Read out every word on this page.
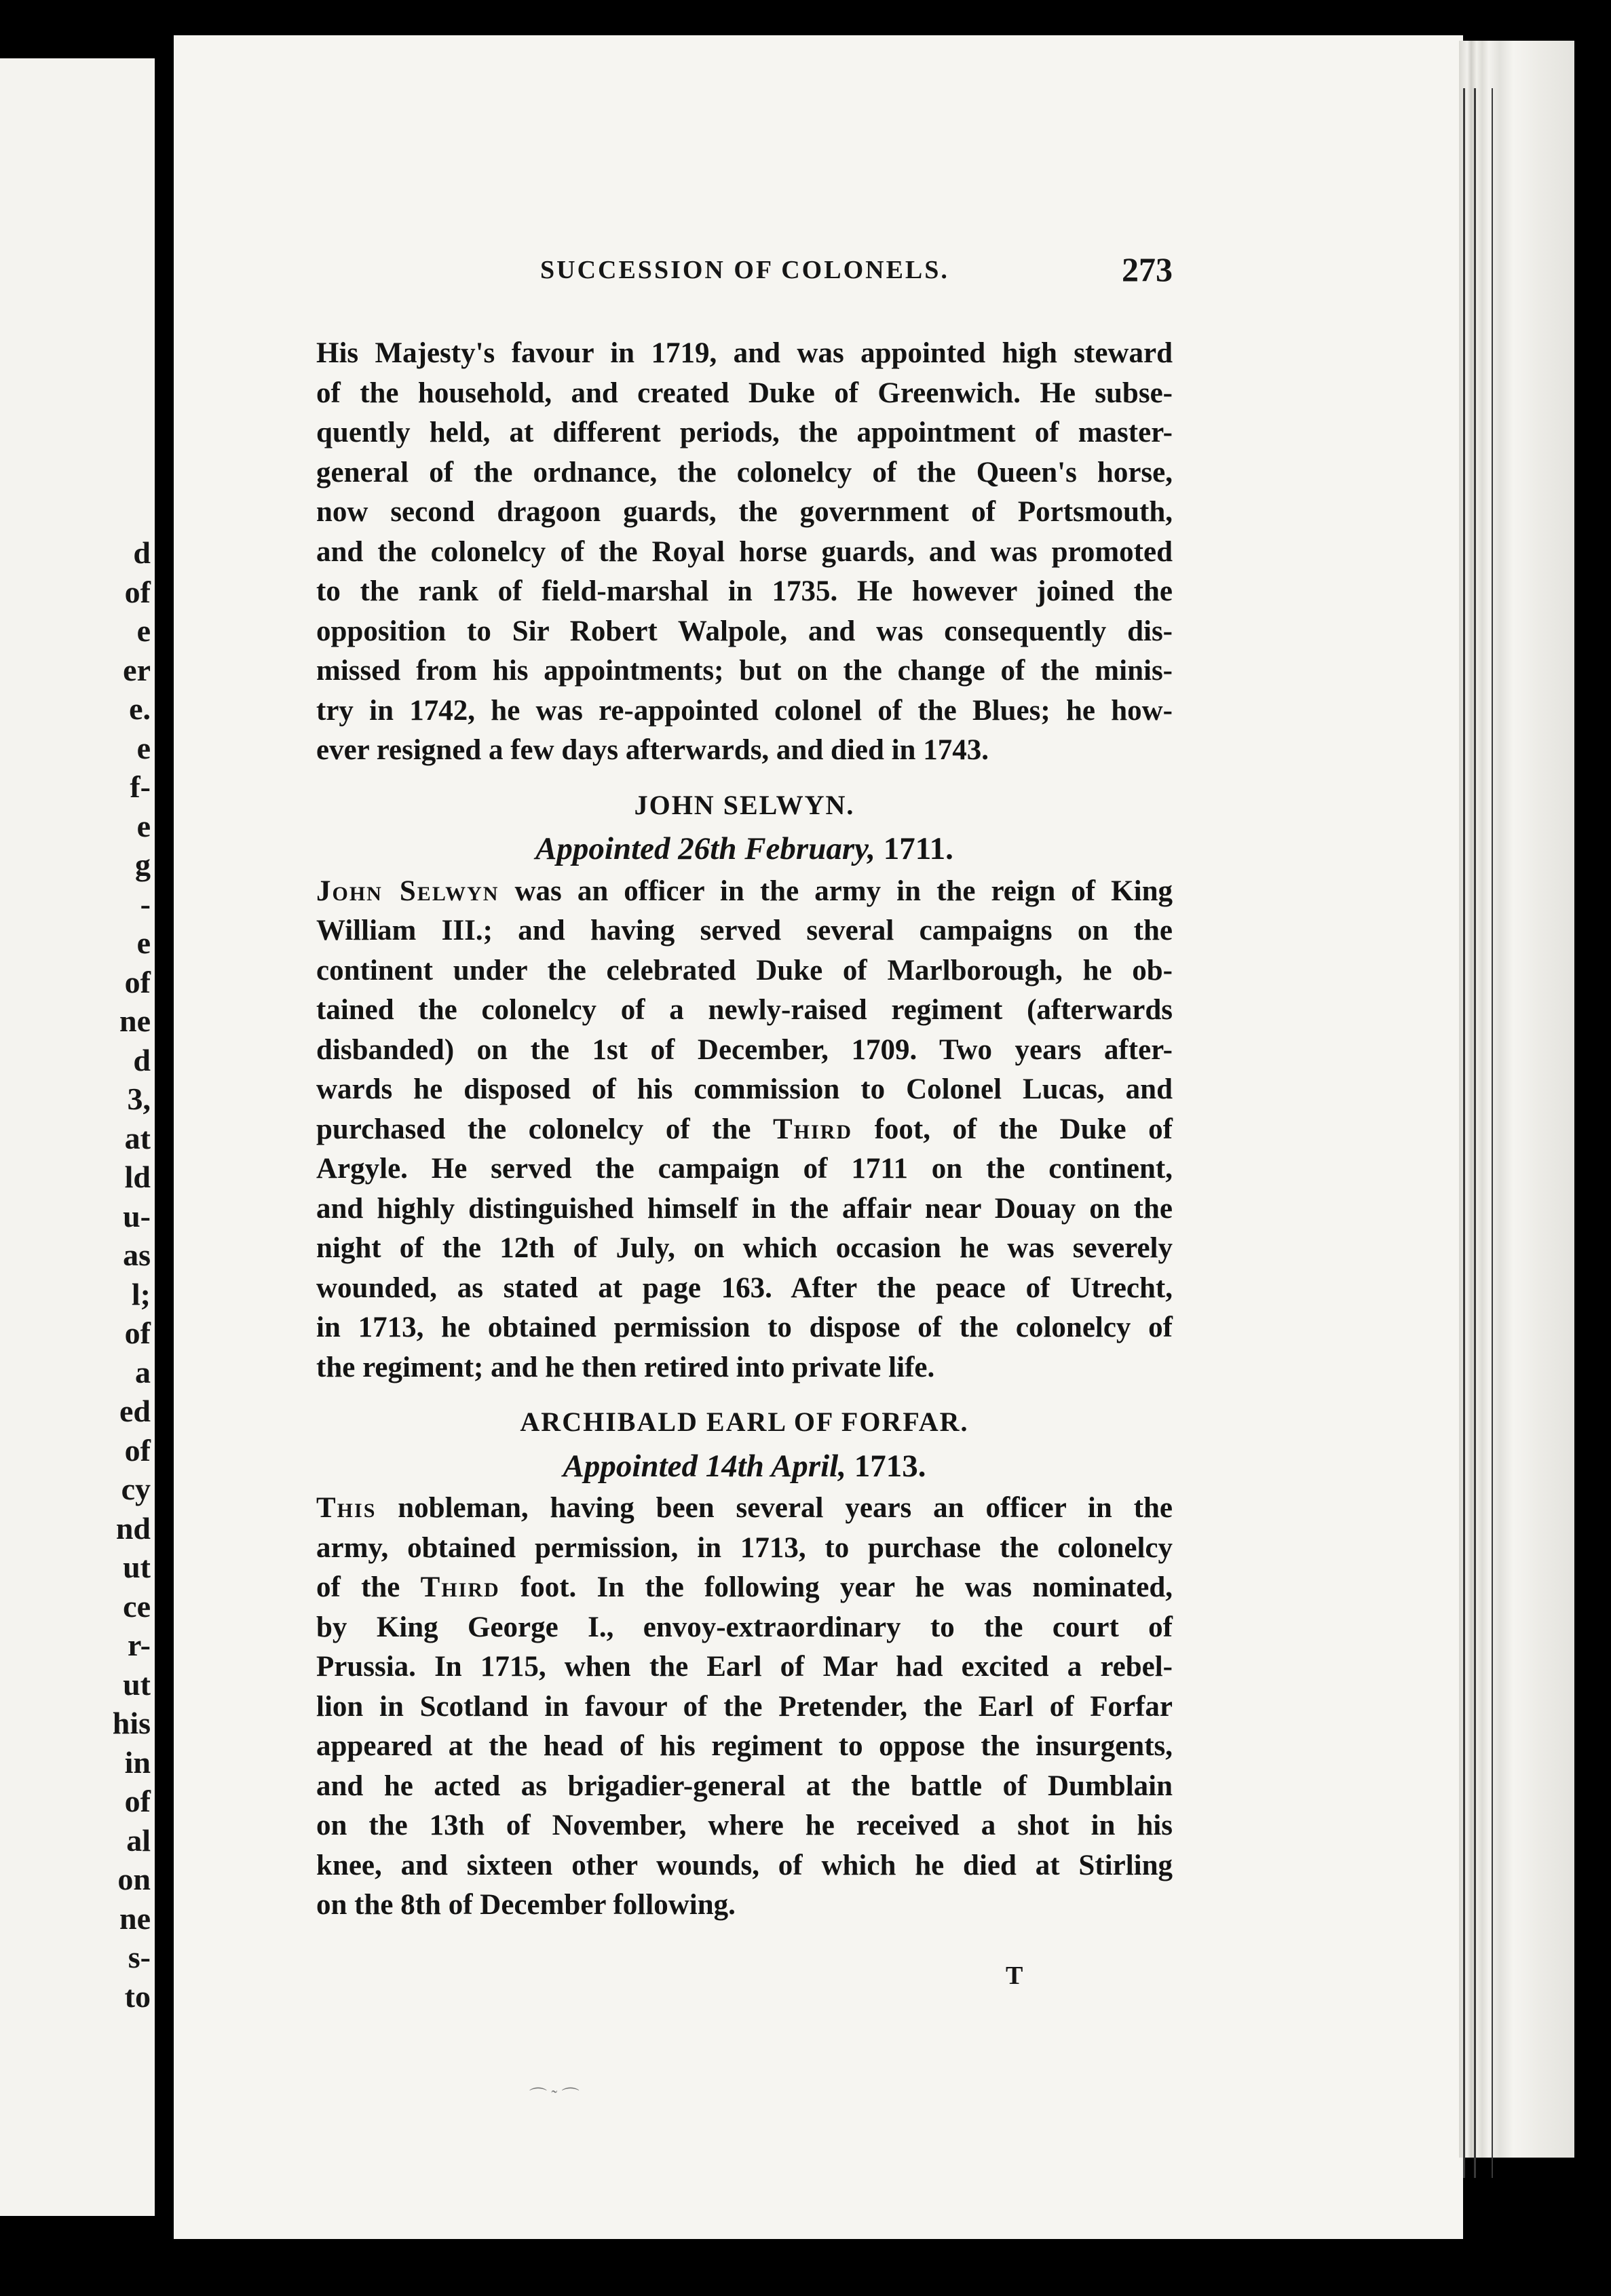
d
of
e
er
e.
e
f-
e
g
-
e
of
ne
d
3,
at
ld
u-
as
l;
of
a
ed
of
cy
nd
ut
ce
r-
ut
his
in
of
al
on
ne
s-
to
SUCCESSION OF COLONELS.	273
His Majesty's favour in 1719, and was appointed high steward
of the household, and created Duke of Greenwich. He subse-
quently held, at different periods, the appointment of master-
general of the ordnance, the colonelcy of the Queen's horse,
now second dragoon guards, the government of Portsmouth,
and the colonelcy of the Royal horse guards, and was promoted
to the rank of field-marshal in 1735. He however joined the
opposition to Sir Robert Walpole, and was consequently dis-
missed from his appointments; but on the change of the minis-
try in 1742, he was re-appointed colonel of the Blues; he how-
ever resigned a few days afterwards, and died in 1743.
JOHN SELWYN.
Appointed 26th February, 1711.
John Selwyn was an officer in the army in the reign of King
William III.; and having served several campaigns on the
continent under the celebrated Duke of Marlborough, he ob-
tained the colonelcy of a newly-raised regiment (afterwards
disbanded) on the 1st of December, 1709. Two years after-
wards he disposed of his commission to Colonel Lucas, and
purchased the colonelcy of the Third foot, of the Duke of
Argyle. He served the campaign of 1711 on the continent,
and highly distinguished himself in the affair near Douay on the
night of the 12th of July, on which occasion he was severely
wounded, as stated at page 163. After the peace of Utrecht,
in 1713, he obtained permission to dispose of the colonelcy of
the regiment; and he then retired into private life.
ARCHIBALD EARL OF FORFAR.
Appointed 14th April, 1713.
This nobleman, having been several years an officer in the
army, obtained permission, in 1713, to purchase the colonelcy
of the Third foot. In the following year he was nominated,
by King George I., envoy-extraordinary to the court of
Prussia. In 1715, when the Earl of Mar had excited a rebel-
lion in Scotland in favour of the Pretender, the Earl of Forfar
appeared at the head of his regiment to oppose the insurgents,
and he acted as brigadier-general at the battle of Dumblain
on the 13th of November, where he received a shot in his
knee, and sixteen other wounds, of which he died at Stirling
on the 8th of December following.
T
⌒ ˜ ⌒
